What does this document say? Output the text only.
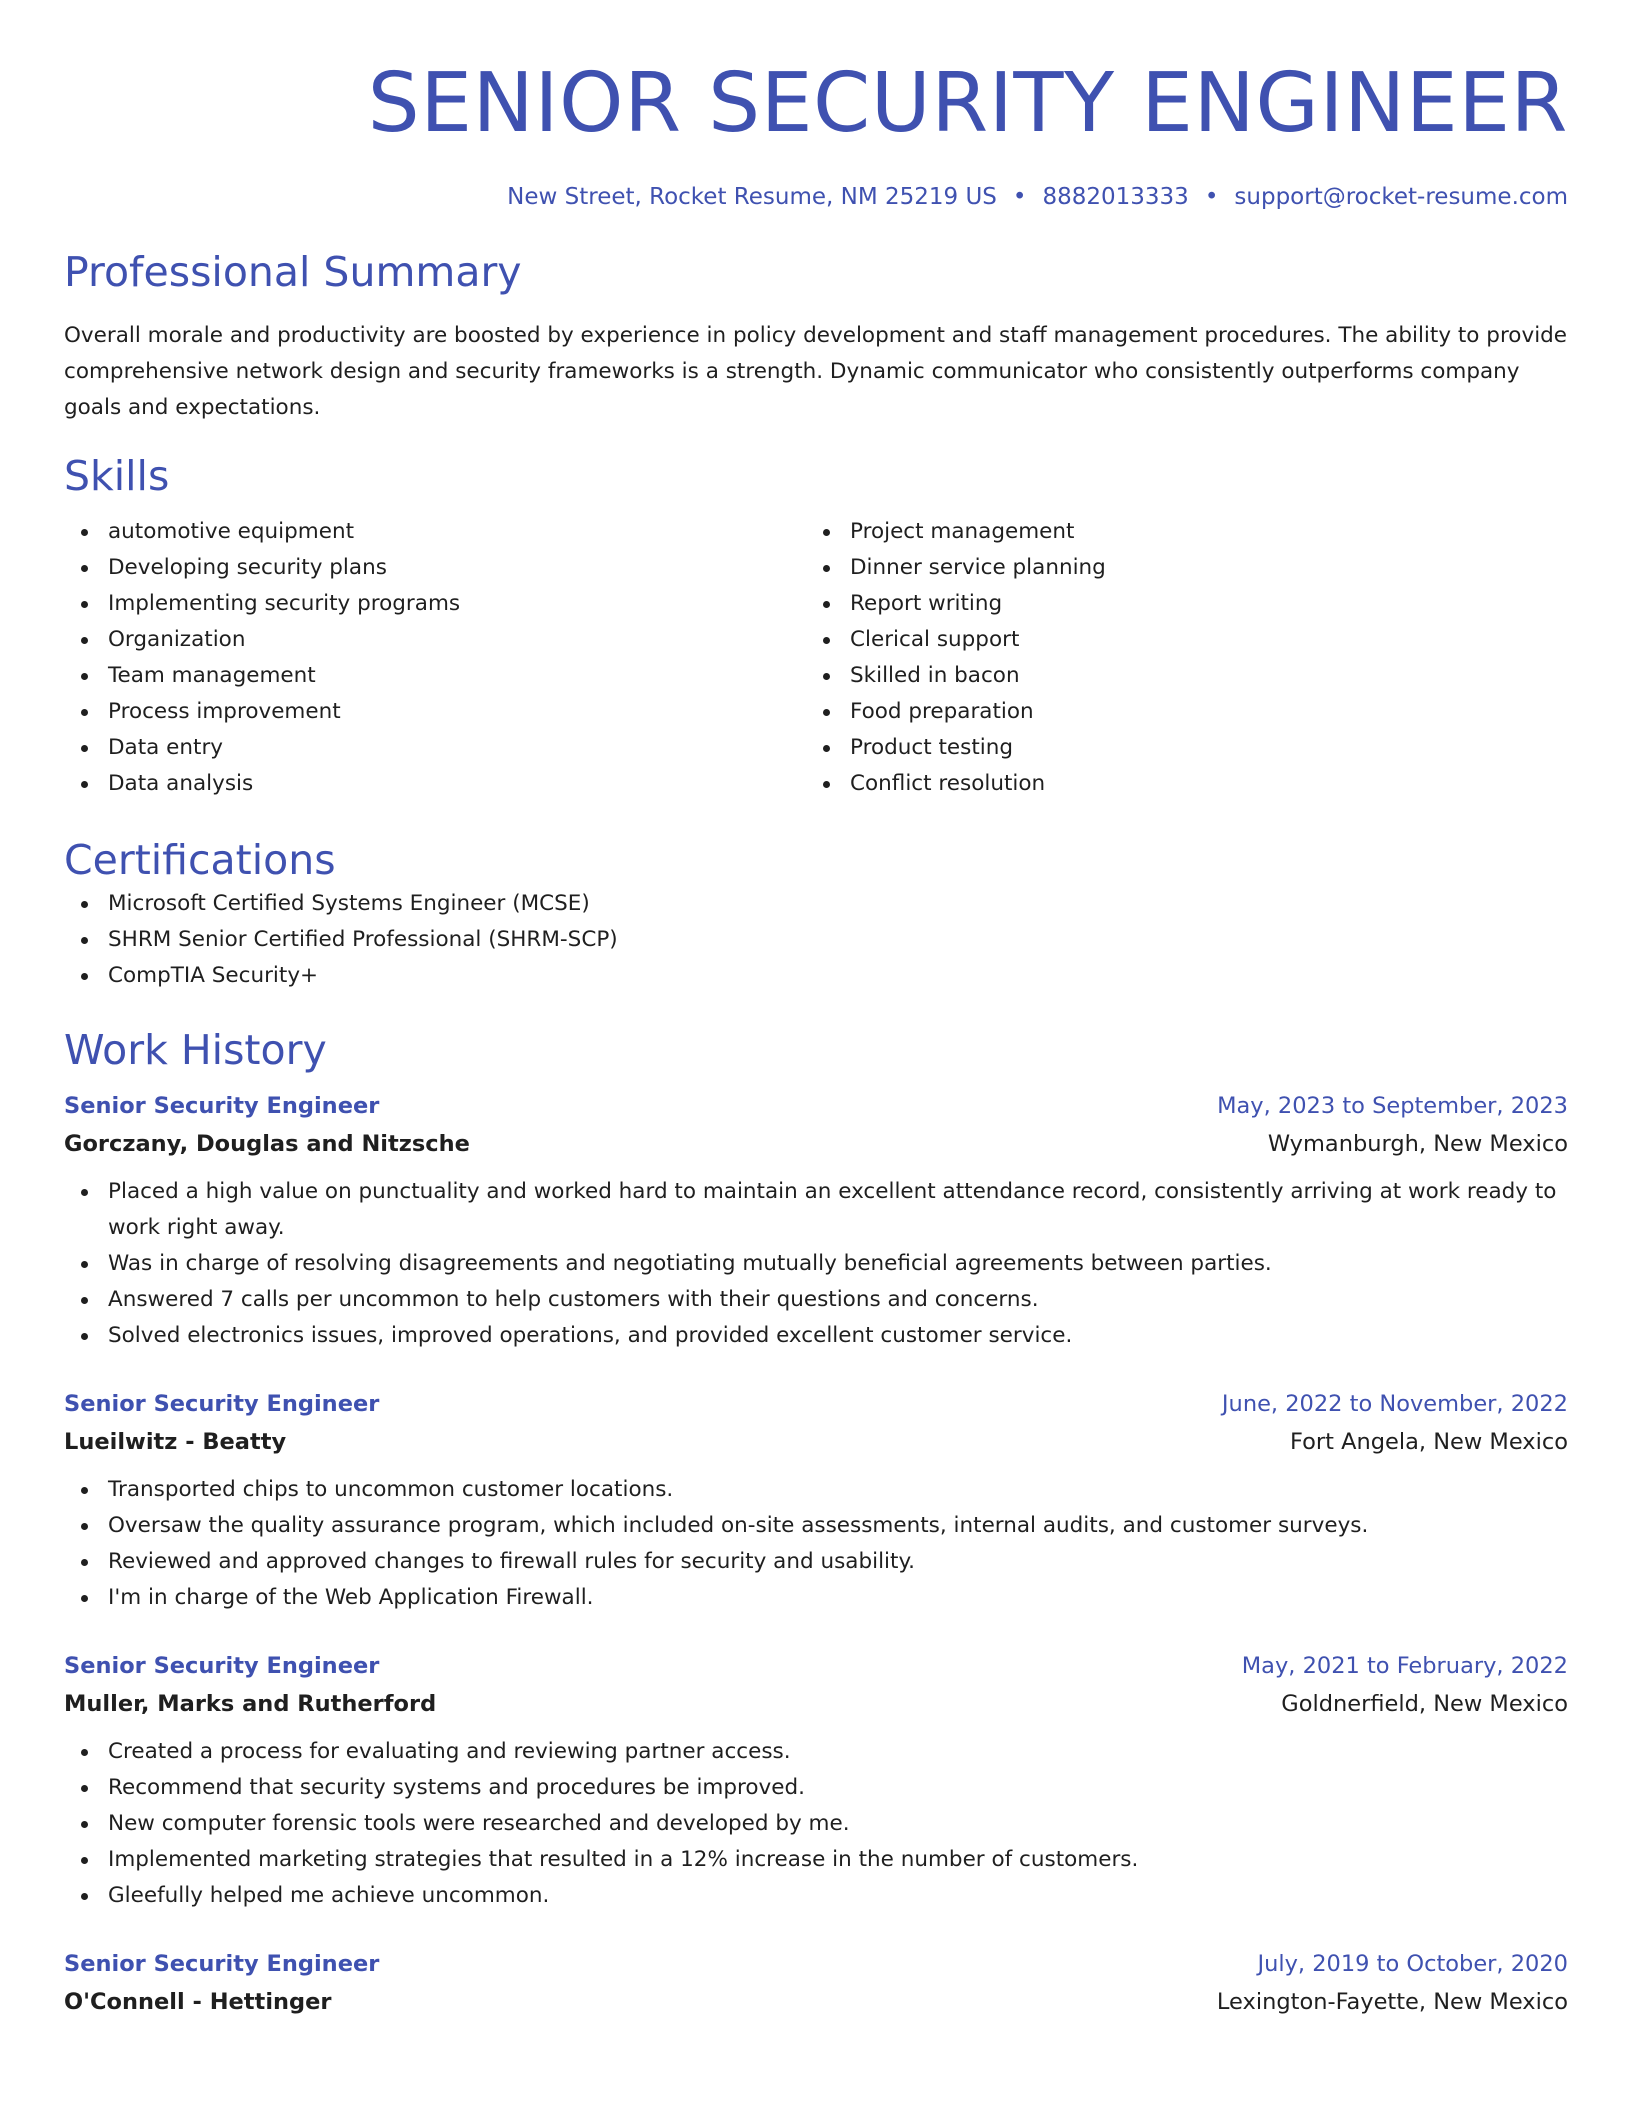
SENIOR SECURITY ENGINEER
New Street, Rocket Resume, NM 25219 US • 8882013333 • support@rocket-resume.com
Professional Summary

Overall morale and productivity are boosted by experience in policy development and staff management procedures. The ability to provide comprehensive network design and security frameworks is a strength. Dynamic communicator who consistently outperforms company goals and expectations.

Skills
automotive equipment
Developing security plans
Implementing security programs
Organization
Team management
Process improvement
Data entry
Data analysis
Project management
Dinner service planning
Report writing
Clerical support
Skilled in bacon
Food preparation
Product testing
Conflict resolution
Certifications
Microsoft Certified Systems Engineer (MCSE)
SHRM Senior Certified Professional (SHRM-SCP)
CompTIA Security+
Work History
Senior Security Engineer	May, 2023 to September, 2023
Gorczany, Douglas and Nitzsche	Wymanburgh, New Mexico
Placed a high value on punctuality and worked hard to maintain an excellent attendance record, consistently arriving at work ready to work right away.
Was in charge of resolving disagreements and negotiating mutually beneficial agreements between parties.
Answered 7 calls per uncommon to help customers with their questions and concerns.
Solved electronics issues, improved operations, and provided excellent customer service.
Senior Security Engineer	June, 2022 to November, 2022
Lueilwitz - Beatty	Fort Angela, New Mexico
Transported chips to uncommon customer locations.
Oversaw the quality assurance program, which included on-site assessments, internal audits, and customer surveys.
Reviewed and approved changes to firewall rules for security and usability.
I'm in charge of the Web Application Firewall.
Senior Security Engineer	May, 2021 to February, 2022
Muller, Marks and Rutherford	Goldnerfield, New Mexico
Created a process for evaluating and reviewing partner access.
Recommend that security systems and procedures be improved.
New computer forensic tools were researched and developed by me.
Implemented marketing strategies that resulted in a 12% increase in the number of customers.
Gleefully helped me achieve uncommon.
Senior Security Engineer	July, 2019 to October, 2020
O'Connell - Hettinger	Lexington-Fayette, New Mexico
